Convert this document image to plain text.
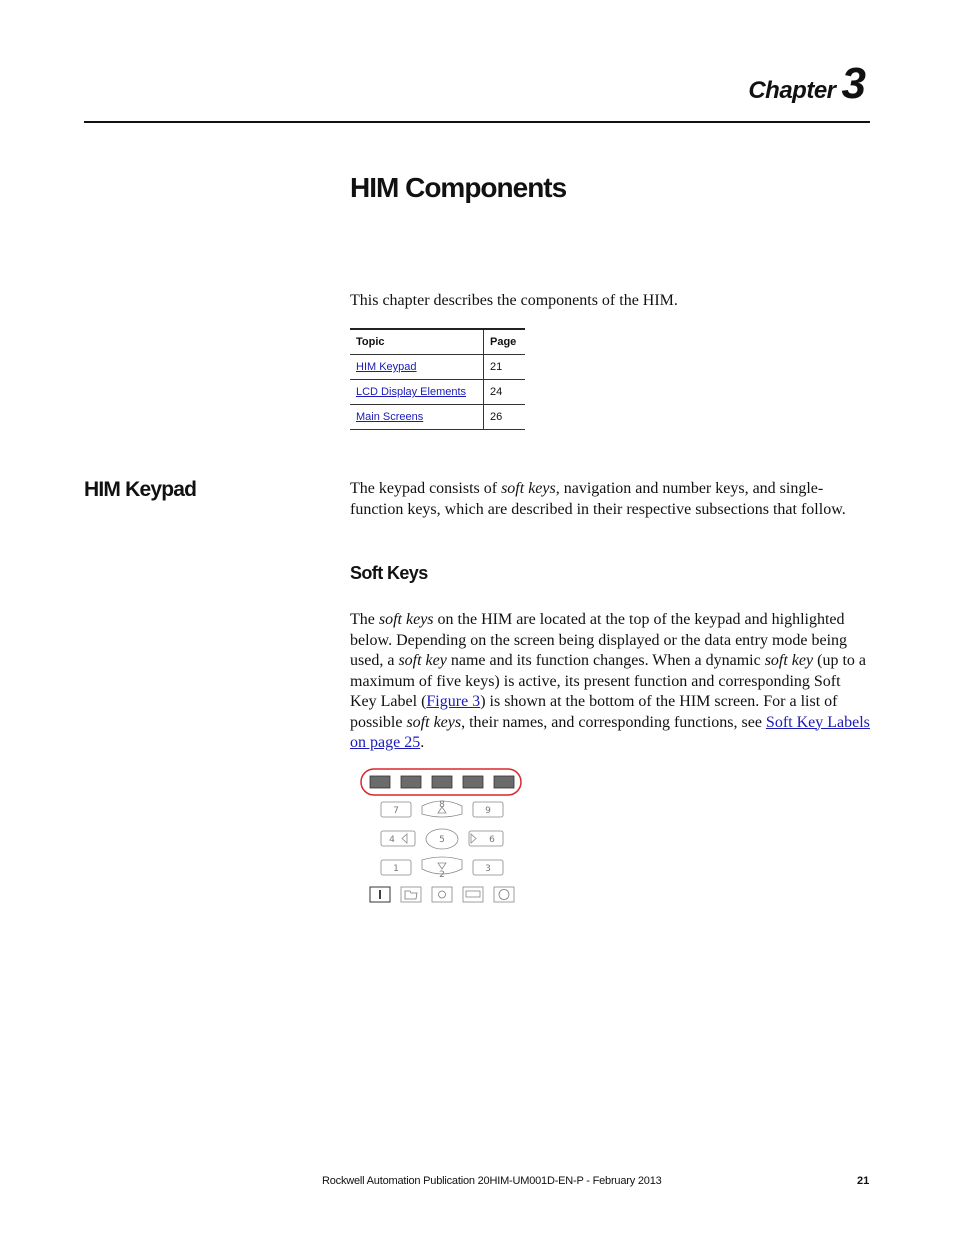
Chapter 3
HIM Components
This chapter describes the components of the HIM.
Topic	Page
HIM Keypad	21
LCD Display Elements	24
Main Screens	26
HIM Keypad	The keypad consists of soft keys, navigation and number keys, and single-function keys, which are described in their respective subsections that follow.

Soft Keys

The soft keys on the HIM are located at the top of the keypad and highlighted below. Depending on the screen being displayed or the data entry mode being used, a soft key name and its function changes. When a dynamic soft key (up to a maximum of five keys) is active, its present function and corresponding Soft Key Label (Figure 3) is shown at the bottom of the HIM screen. For a list of possible soft keys, their names, and corresponding functions, see Soft Key Labels on page 25.

7
8
9
4	5	6
1
2
3
Rockwell Automation Publication 20HIM-UM001D-EN-P - February 2013	21
